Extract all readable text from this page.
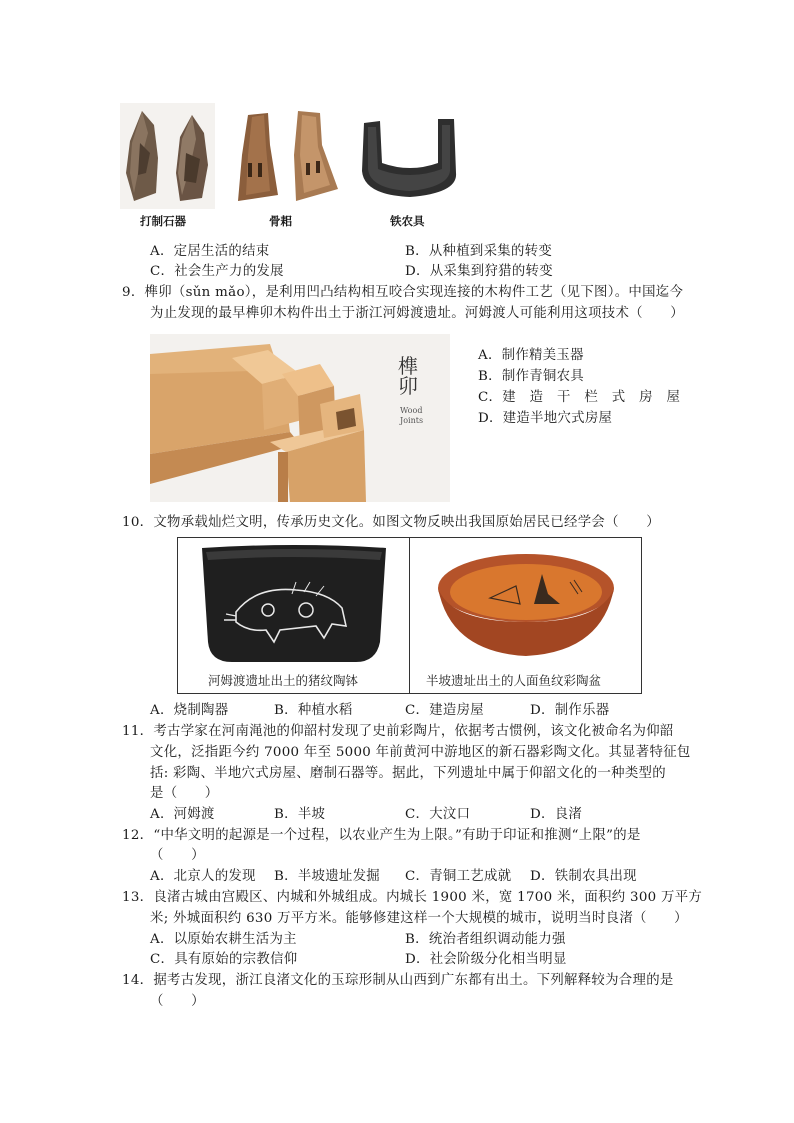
打制石器	骨耜	铁农具
A．定居生活的结束	B．从种植到采集的转变
C．社会生产力的发展	D．从采集到狩猎的转变
9．榫卯（sǔn mǎo），是利用凹凸结构相互咬合实现连接的木构件工艺（见下图）。中国迄今
为止发现的最早榫卯木构件出土于浙江河姆渡遗址。河姆渡人可能利用这项技术（　　）
榫卯
Wood
Joints
A．制作精美玉器
B．制作青铜农具
C．建　造　干　栏　式　房　屋
D．建造半地穴式房屋
10．文物承载灿烂文明，传承历史文化。如图文物反映出我国原始居民已经学会（　　）
河姆渡遗址出土的猪纹陶钵	半坡遗址出土的人面鱼纹彩陶盆
A．烧制陶器	B．种植水稻	C．建造房屋	D．制作乐器
11．考古学家在河南渑池的仰韶村发现了史前彩陶片，依据考古惯例，该文化被命名为仰韶
文化，泛指距今约 7000 年至 5000 年前黄河中游地区的新石器彩陶文化。其显著特征包
括: 彩陶、半地穴式房屋、磨制石器等。据此，下列遗址中属于仰韶文化的一种类型的
是（　　）
A．河姆渡	B．半坡	C．大汶口	D．良渚
12．“中华文明的起源是一个过程，以农业产生为上限。”有助于印证和推测“上限”的是
（　　）
A．北京人的发现 B．半坡遗址发掘 C．青铜工艺成就 D．铁制农具出现
13．良渚古城由宫殿区、内城和外城组成。内城长 1900 米，宽 1700 米，面积约 300 万平方
米; 外城面积约 630 万平方米。能够修建这样一个大规模的城市，说明当时良渚（　　）
A．以原始农耕生活为主	B．统治者组织调动能力强
C．具有原始的宗教信仰	D．社会阶级分化相当明显
14．据考古发现，浙江良渚文化的玉琮形制从山西到广东都有出土。下列解释较为合理的是
（　　）
